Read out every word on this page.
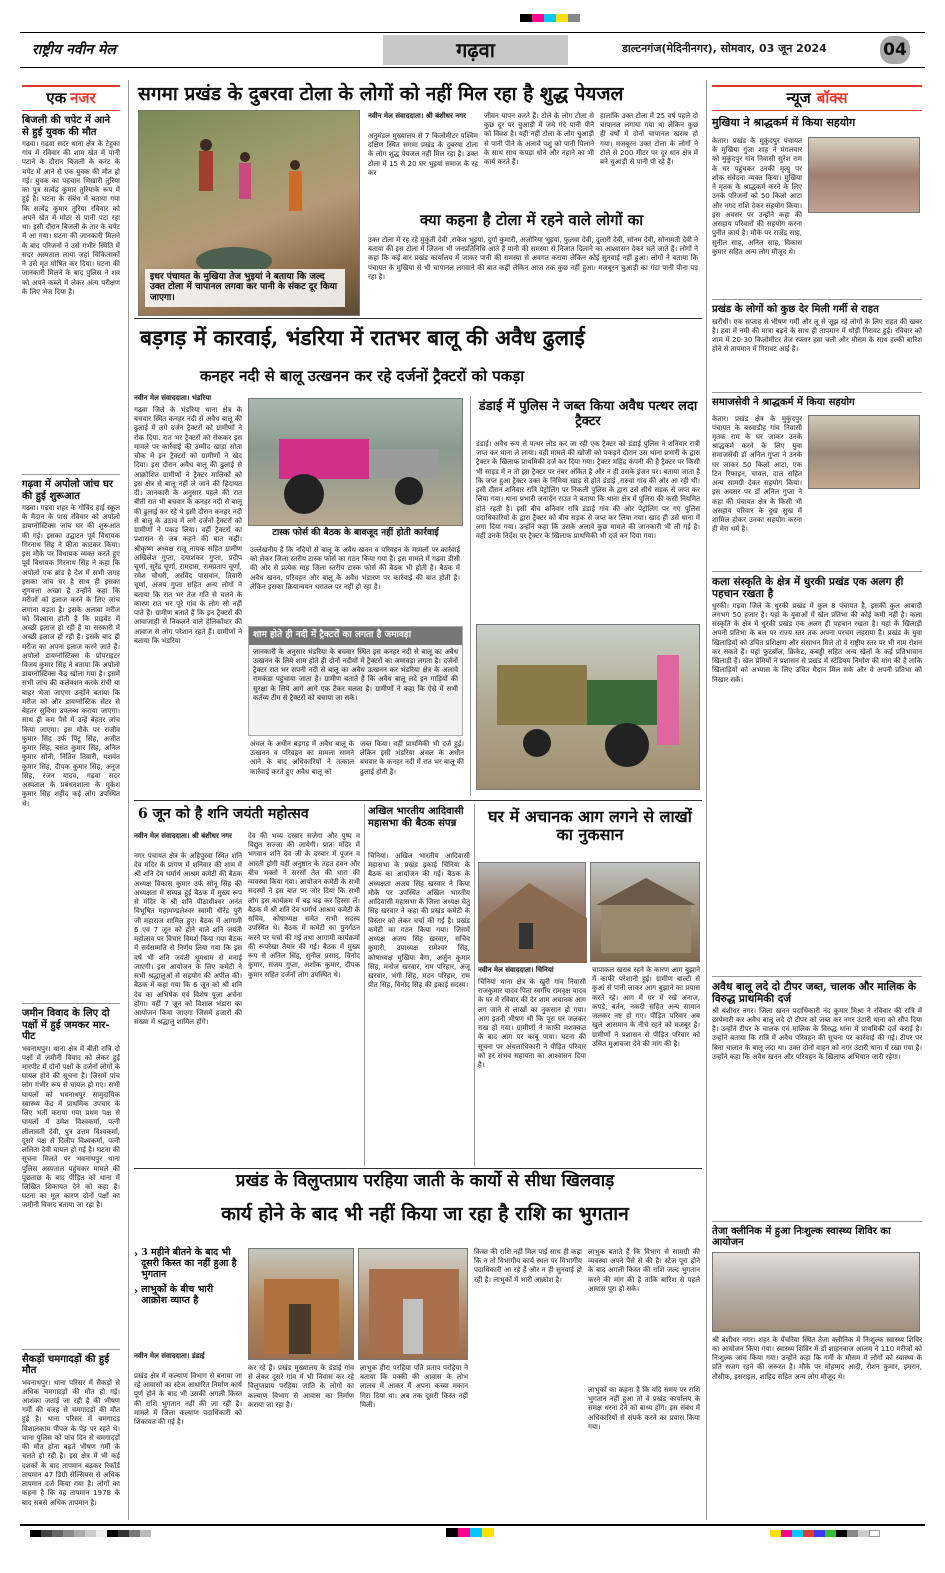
राष्ट्रीय नवीन मेल	गढ़वा	डाल्टनगंज(मेदिनीनगर), सोमवार, 03 जून 2024	04
एक नजर
बिजली की चपेट में आने से हुई युवक की मौत
गढ़वा। गढ़वा सदर थाना क्षेत्र के टेहुका गांव में रविवार की शाम खेत में पानी पटाने के दौरान बिजली के करंट के चपेट में आने से एक युवक की मौत हो गई। युवक का पहचान भिखारी तुरिया का पुत्र सत्येंद्र कुमार तुरियाके रूप में हुई है। घटना के संबंध में बताया गया कि सत्येंद्र कुमार तुरिया रविवार को अपने खेत में मोटर से पानी पटा रहा था। इसी दौरान बिजली के तार के चपेट में आ गया। घटना की जानकारी मिलने के बाद परिजनों ने उसे गंभीर स्थिति में सदर अस्पताल लाया जहां चिकित्सकों ने उसे मृत घोषित कर दिया। घटना की जानकारी मिलने के बाद पुलिस ने शव को अपने कब्जे में लेकर अंत्य परीक्षण के लिए भेज दिया है।
गढ़वा में अपोलो जांच घर की हुई शुरूआत
गढ़वा। गढ़वा शहर के गोविंद हाई स्कूल के मैदान के पास रविवार को अपोलो डायग्नोस्टिक्स जांच घर की शुरूआत की गई। इसका उद्घाटन पूर्व विधायक गिरनाथ सिंह ने फीता काटकर किया। इस मौके पर विधायक व्यक्त करते हुए पूर्व विधायक गिरनाथ सिंह ने कहा कि अपोलो एक ब्रांड है देश में सभी जगह इसका जांच घर है साथ ही इसका शुगवत्ता अच्छा है उन्होंने कहा कि मरीजों को इलाज करने के लिए जांच लगाना पड़ता है। इसके अलावा मरीज को विश्वास होती है कि प्राइवेट में अच्छी इलाज हो रही है या सरकारी में अच्छी इलाज हो रही है। इसके बाद ही मरीज का अपना इलाज करने जाते हैं। अपोलो डायग्नोस्टिक्स के प्रोपराइटर विजय कुमार सिंह ने बताया कि अपोलो डायग्नोस्टिक्स केंद्र खोला गया है। इसमें सभी जांच की कलेक्शन करके रांची या बाहर भेजा जाएगा उन्होंने बताया कि मरीज को और डायग्नोस्टिक सेंटर से बेहतर सुविधा उपलब्ध कराया जाएगा। साथ ही कम पैसे में उन्हें बेहतर जांच किया जाएगा। इस मौके पर राजीव कुमार सिंह उर्फ पिंटू सिंह, अजीत कुमार सिंह, बसंत कुमार सिंह, अनिल कुमार सोनी, नितिन तिवारी, यशवंत कुमार सिंह, दीपक कुमार सिंह, अनुज सिंह, रंजन यादव, गढ़वा सदर अस्पताल के प्रबंधनशाला के मुकेश कुमार सिंह शहीद कई लोग उपस्थित थे।
जमीन विवाद के लिए दो पक्षों में हुई जमकर मार-पीट
भवनाथपुर। थाना क्षेत्र में बीती रात्रि दो पक्षों में जमीनी विवाद को लेकर हुई मारपीट में दोनों पक्षों के दर्जनों लोगों के घायल होने की सूचना है। जिसमें पांच लोग गंभीर रूप से घायल हो गए। सभी घायलों को भवनाथपुर सामुदायिक स्वास्थ्य केंद्र में प्राथमिक उपचार के लिए भर्ती कराया गया प्रथम पक्ष से घायलों में उमेश विश्वकर्मा, पत्नी लीलावती देवी, पुत्र उत्तम विश्वकर्मा, दूसरे पक्ष से दिलीप विश्वकर्मा, पत्नी ललिता देवी घायल हो गई है। घटना की सूचना मिलते पर भवनाथपुर थाना पुलिस अस्पताल पहुंचकर मामले की पूछताछ के बाद पीड़ित को थाना में लिखित शिकायत देने को कहा है। घटना का मूल कारण दोनों पक्षों का जमीनी विवाद बताया जा रहा है।
सैकड़ों चमगादड़ों की हुई मौत
भवनाथपुर। थाना परिसर में सैकड़ों से अधिक चमगादड़ों की मौत हो गई। आशंका जताई जा रही है की भीषण गर्मी की वजह से चमगादड़ों की मौत हुई है। थाना परिसर में चमगादड़ विशालकाय पीपल के पेड़ पर रहते थे। थाना पुलिस को पांच दिन से चमगादड़ों की मौत होना बढ़ते भीषण गर्मी के चलते हो रही है। इस क्षेत्र में भी कई दशकों के बाद तापमान बढ़कर रिकॉर्ड तापमान 47 डिग्री सेल्सियस से अधिक तापमान दर्ज किया गया है। लोगों का कहना है कि वह तापमान 1978 के बाद सबसे अधिक तापमान है।
सगमा प्रखंड के दुबरवा टोला के लोगों को नहीं मिल रहा है शुद्ध पेयजल
इधर पंचायत के मुखिया तेज भुइयां ने बताया कि जल्द उक्त टोला में चापानल लगवा कर पानी के संकट दूर किया जाएगा।
नवीन मेल संवाददाता। श्री बंशीधर नगर
अनुमंडल मुख्यालय से 7 किलोमीटर पश्चिम दक्षिण स्थित सगमा प्रखंड के दुबरवा टोला के लोग शुद्ध पेयजल नहीं मिल रहा है। उक्त टोला में 15 से 20 घर भुइयां समाज के रह कर
जीवन यापन करते हैं। टोले के लोग टोला से कुछ दूर पर चुआड़ी में जमे गंदे पानी पीने को विवश है। यही नहीं टोला के लोग चुआड़ी से पानी पीने के अलावे पशु को पानी पिलाने के साथ साथ कपड़ा धोने और नहाने का भी कार्य करते हैं।
हालांकि उक्त टोला में 25 वर्ष पहले दो चापानल लगाया गया था लेकिन कुछ ही वर्षों में दोनों चापानल खराब हो गया। मजबूरन उक्त टोला के लोगों ने टोले से 200 मीटर पर दूर धान क्षेत्र में बने चुआड़ी से पानी पी रहे हैं।
क्या कहना है टोला में रहने वाले लोगों का
उक्त टोला में रह रहे मुकुंती देवी ,राकेश भुइयां, दुर्गा कुमारी, अजोरिया भुइयां, फुलवा देवी, दुलारी देवी, सोनम देवी, सोनामती देवी ने बताया की इस टोला में जितना भी जनप्रतिनिधि आते हैं पानी की समस्या से निजात दिलाने का आश्वासन देकर चले जाते हैं। लोगों ने कहा कि कई बार प्रखंड कार्यालय में जाकर पानी की समस्या से अवगत कराया लेकिन कोई सुनवाई नहीं हुआ। लोगों ने बताया कि पंचायत के मुखिया से भी चापानल लगवाने की बात कहीं लेकिन आज तक कुछ नहीं हुआ। मजबूरन चुआड़ी का गंदा पानी पीना पड़ रहा है।
बड़गड़ में कारवाई, भंडरिया में रातभर बालू की अवैध ढुलाई
कनहर नदी से बालू उत्खनन कर रहे दर्जनों ट्रैक्टरों को पकड़ा
नवीन मेल संवाददाता। भंडरिया
गढ़वा जिले के भंडरिया थाना क्षेत्र के बचवार स्थित कनहर नदी से अवैध बालू की ढुलाई में लगे दर्जन ट्रैक्टरों को ग्रामीणों ने रोक दिया. रात भर ट्रैक्टरों को रोककर इस मामले पर कार्रवाई की उम्मीद खाड़ा सोता चौक में इन ट्रैक्टरों को ग्रामीणों ने खेद दिया। इस दौरान अवैध बालू की ढुलाई से आक्रोशित ग्रामीणों ने ट्रैक्टर मालिकों को इस क्षेत्र से बालू नहीं ले जाने की हिदायत दी। जानकारी के अनुसार पहले की रात बीती रात भी बचवार के कनहर नदी से बालू की ढुलाई कर रहे थे इसी दौरान कनहर नदी से बालू के उठाव में लगे दर्जनों ट्रैक्टरों को ग्रामीणों ने पकड़ लिया। वहीं ट्रैक्टरों का प्रशासन से जब कहने की बात कहीं। श्रीकृष्ण अध्यक्ष राजू नायक सहित ग्रामीण अखिलेश गुप्ता, दयाशंकर गुप्ता, प्रदीप चूर्णा, सुरेंद्र चूर्णा, रामदास, रामप्रताप चूर्णा, रमेश चौधरी, अरविंद पासवान, तिवारी चूर्णा, अजय गुप्ता सहित अन्य लोगों ने बताया कि रात भर तेज गति से चलने के कारण रात भर पूरे गांव के लोग सो नहीं पाते हैं। ग्रामीण बताते हैं कि इन ट्रैक्टरों की आवाजाही से निकलने वाले हेलिकॉप्टर की आवाज से लोग परेशान रहते हैं। ग्रामीणों ने बताया कि भंडरिया
टास्क फोर्स की बैठक के बावजूद नहीं होती कार्रवाई
उल्लेखनीय है कि नदियों से बालू के अवैध खनन व परिवहन के मामलों पर कार्रवाई को लेकर जिला स्तरीय टास्क फोर्स का गठन किया गया है। इस मामले में गढ़वा डीसी की ओर से प्रत्येक माह जिला स्तरीय टास्क फोर्स की बैठक भी होती है। बैठक में अवैध खनन, परिवहन और बालू के अवैध भंडारण पर कार्रवाई की बात होती है। लेकिन इसका क्रियान्वयन धरातल पर नहीं हो रहा है।
शाम होते ही नदी में ट्रैक्टरों का लगता है जमावड़ा
जानकारी के अनुसार भंडरिया के बचवार स्थित इस कनहर नदी से बालू का अवैध उत्खनन के लिये शाम होते ही दोनों नदीयों में ट्रैक्टरों का जमावड़ा लगता है। दर्जनों ट्रैक्टर रात भर सपनी नदी से बालू का अवैध उत्खनन कर भंडरिया क्षेत्र के अलावे रामकंडा पहुंचाया जाता है। ग्रामीण बताते हैं कि अवैध बालू लदे इन गाड़ियों की सुरक्षा के लिये आगे आगे एक टैंकर चलता है। ग्रामीणों ने कहा कि ऐसे में सभी कर्तव्य टीम से ट्रैक्टरों को बचाया जा सके।
अंचल के अधीन बड़गड़ में अवैध बालू के उत्खनन व परिवहन का मामला सामने आने के बाद अधिकारियों ने तत्काल कार्रवाई करते हुए अवैध बालू को
जब्त किया। वहीं प्राथमिकी भी दर्ज हुई। लेकिन इसी भंडरिया अंचल के अधीन बचवार के कनहर नदी में रात भर बालू की ढुलाई होती है।
डंडाई में पुलिस ने जब्त किया अवैध पत्थर लदा ट्रैक्टर
डंडाई। अवैध रूप से पत्थर लोड कर जा रही एक ट्रैक्टर को डंडाई पुलिस ने शनिवार रात्री जप्त कर थाना ले लाया। वहीं मामले की खोजी को पकड़ने दौरान उस थाना प्रभारी के द्वारा ट्रैक्टर के खिलाफ प्राथमिकी दर्ज कर दिया गया। ट्रैक्टर महिंद्र कंपनी की है ट्रैक्टर पर किसी भी साइड में न तो इस ट्रैक्टर पर नंबर अंकित है और न ही उसके इंजन पर। बताया जाता है कि जप्त हुआ ट्रैक्टर उक्त के निमिया खाड़ से होते डंडाई ,रारुवा गांव की ओर आ रही थी। इसी दौरान शनिवार रात्रि पेट्रोलिंग पर निकली पुलिस के द्वारा उसे सीधे सड़क से जप्त कर लिया गया। थाना प्रभारी जनार्दन राउत ने बताया कि थाना क्षेत्र में पुलिस की कसी नियमित होते रहती है। इसी बीच शनिवार रात्रि डंडाई गांव की ओर पेट्रोलिंग पर गए पुलिस पदाधिकारियों के द्वारा ट्रैक्टर को बीच सड़क से जप्त कर लिया गया। खाद ही उसे थाना में लगा दिया गया। उन्होंने कहा कि उसके अलावे कुछ मामले की जानकारी भी ली गई है। वहीं उनके निर्देश पर ट्रैक्टर के खिलाफ प्राथमिकी भी दर्ज कर दिया गया।
6 जून को है शनि जयंती महोत्सव
नवीन मेल संवाददाता। श्री बंशीधर नगर
नगर पंचायत क्षेत्र के अहिपुरवा स्थित शनि देव मंदिर के प्रांगण में शनिवार की शाम में श्री शनि देव धर्मार्थ आश्रम कमेटी की बैठक अध्यक्ष विकास कुमार उर्फ सोनू सिंह की अध्यक्षता में सम्पन्न हुई बैठक में मुख्य रूप से मंदिर के श्री शनि पीठाधीश्वर अनंत विभूषित महामण्डलेश्वर स्वामी धीरेंद्र पुरी जी महाराज शामिल हुए। बैठक में आगामी 6 एवं 7 जून को होने वाले शनि जयंती महोत्सव पर विचार विमर्श किया गया बैठक में सर्वसम्मति से निर्णय लिया गया कि इस वर्ष भी शनि जयंती धूमधाम से मनाई जाएगी। इस आयोजन के लिए कमेटी ने सभी श्रद्धालुओं से सहयोग की अपील की। बैठक में कहा गया कि 6 जून को श्री शनि देव का अभिषेक एवं विशेष पूजा अर्चना होगा। वहीं 7 जून को विशाल भंडारा का आयोजन किया जाएगा जिसमें हजारों की संख्या में श्रद्धालु शामिल होंगे।
देव की भव्य दरबार सजेगा और पुष्प व विद्युत सज्जा की जायेगी। प्रातः मंदिर में भगवान शनि देव जी के दरबार में पूजन व आरती होगी वहीं अनुष्ठान के तहत हवन और बीच भक्तो ने सरसों तेल की धारा की व्यवस्था किया गया। आयोजन कमेटी के सभी सदस्यों ने इस बात पर जोर दिया कि सभी लोग इस कार्यक्रम में बढ़ चढ़ कर हिस्सा लें। बैठक में श्री शनि देव धर्मार्थ आश्रम कमेटी के सचिव, कोषाध्यक्ष समेत सभी सदस्य उपस्थित थे। बैठक में कमेटी का पुनर्गठन करने पर चर्चा की गई तथा आगामी कार्यक्रमों की रूपरेखा तैयार की गई। बैठक में मुख्य रूप से अनिल सिंह, सुनील प्रसाद, विनोद कुमार, संजय गुप्ता, अशोक कुमार, दीपक कुमार सहित दर्जनों लोग उपस्थित थे।
अखिल भारतीय आदिवासी महासभा की बैठक संपन्न
चिनियां। अखिल भारतीय आदिवासी महासभा के प्रखंड इकाई चिनिया के बैठक का आयोजन की गई। बैठक के अध्यक्षता अजय सिंह खरवार ने किया मौके पर उपस्थित अखिल भारतीय आदिवासी महासभा के जिला अध्यक्ष चेतु सिंह खरवार ने कहा की प्रखंड कमेटी के विस्तार को लेकर चर्चा की गई है। प्रखंड कमेटी का गठन किया गया। जिसमें अध्यक्ष अजय सिंह खरवार, सचिव कुमारी, उपाध्यक्ष रामेश्वर सिंह, कोषाध्यक्ष मुखिया बैगा, अर्जुन कुमार सिंह, मनोज खरवार, राम परिहार, अंजू खरवार, भंगी सिंह, मदन परिहार, राम प्रीत सिंह, विनोद सिंह की इकाई सदस्य।
घर में अचानक आग लगने से लाखों का नुकसान
नवीन मेल संवाददाता। चिनियां
चिनियां थाना क्षेत्र के खुरी गांव निवासी राजकुमार यादव पिता स्वर्गीय रामवृक्ष यादव के घर में रविवार की देर शाम अचानक आग लग जाने से लाखों का नुकसान हो गया। आग इतनी भीषण थी कि पूरा घर जलकर राख हो गया। ग्रामीणों ने काफी मशक्कत के बाद आग पर काबू पाया। घटना की सूचना पर अंचलाधिकारी ने पीड़ित परिवार को हर संभव सहायता का आश्वासन दिया है।
चापाकल खराब रहने के कारण आग बुझाने में काफी परेशानी हुई। ग्रामीण बाल्टी से कुआं से पानी लाकर आग बुझाने का प्रयास करते रहे। आग में घर में रखे अनाज, कपड़े, बर्तन, नकदी सहित अन्य सामान जलकर नष्ट हो गए। पीड़ित परिवार अब खुले आसमान के नीचे रहने को मजबूर है। ग्रामीणों ने प्रशासन से पीड़ित परिवार को उचित मुआवजा देने की मांग की है।
प्रखंड के विलुप्तप्राय परहिया जाती के कार्यो से सीधा खिलवाड़
कार्य होने के बाद भी नहीं किया जा रहा है राशि का भुगतान
› 3 महीने बीतने के बाद भी दूसरी किस्त का नहीं हुआ है भुगतान
› लाभुकों के बीच भारी आक्रोश व्याप्त है
नवीन मेल संवाददाता। डंडाई
प्रखंड क्षेत्र में कल्याण विभाग से बनाया जा रहे आवासों का स्टेज आधारित निर्माण कार्य पूर्ण होने के बाद भी उसकी अगली किस्त की राशि भुगतान नहीं की जा रही है। मामले में जिला कल्याण पदाधिकारी को शिकायत की गई है।
कर रहे हैं। प्रखंड मुख्यालय के डंडाई गांव से लेकर दूसरे गांव में भी निवास कर रहे विलुप्तप्राय परहिया जाति के लोगों का कल्याण विभाग से आवास का निर्माण कराया जा रहा है।
लाभुक हीरा परहिया पति प्रताप परहिया ने बताया कि पक्की की आवास के लोभ लालच में आकर मैं अपना कच्चा मकान गिरा दिया था। अब तक दूसरी किस्त नहीं मिली।
किस्त की राशि नहीं मिल पाई साथ ही कहा कि न तो विभागीय कार्य स्थल पर विभागीय पदाधिकारी आ रहे हैं और न ही सुनवाई हो रही है। लाभुकों में भारी आक्रोश है।
लाभुक बताते हैं कि विभाग से सामग्री की व्यवस्था अपने पैसे से की है। स्टेज पूरा होने के बाद अगली किस्त की राशि जल्द भुगतान करने की मांग की है ताकि बारिश से पहले आवास पूरा हो सके।
लाभुकों का कहना है कि यदि समय पर राशि भुगतान नहीं हुआ तो वे प्रखंड कार्यालय के समक्ष धरना देने को बाध्य होंगे। इस संबंध में अधिकारियों से संपर्क करने का प्रयास किया गया।
न्यूज बॉक्स
मुखिया ने श्राद्धकर्म में किया सहयोग
केतार। प्रखंड के मुकुंदपुर पंचायत के मुखिया गुंजा शाह ने मंगलवार को मुकुंदपुर गांव निवासी सुरेश राम के घर पहुंचकर उनकी मृत्यु पर शोक संवेदना व्यक्त किया। मुखिया ने मृतक के श्राद्धकर्म करने के लिए उनके परिजनों को 50 किलो आटा और नगद राशि देकर सहयोग किया। इस अवसर पर उन्होंने कहा की असहाय परिवारों की सहयोग करना पुनीत कार्य है। मौके पर राजेंद्र साह, सुनील साह, अनिल साह, विकास कुमार सहित अन्य लोग मौजूद थे।
प्रखंड के लोगों को कुछ देर मिली गर्मी से राहत
खरौंधी। एक सप्ताह से भीषण गर्मी और लू से जूझ रहे लोगों के लिए राहत की खबर है। हवा में नमी की मात्रा बढ़ने के साथ ही तापमान में थोड़ी गिरावट हुई। रविवार को शाम में 20-30 किलोमीटर तेज रफ्तार हवा चली और मौसम के साथ हल्की बारिश होने से तापमान में गिरावट आई है।
समाजसेवी ने श्राद्धकर्म में किया सहयोग
केतार। प्रखंड क्षेत्र के मुकुंदपुर पंचायत के बरवाडीह गांव निवासी मृतक राम के घर जाकर उनके श्राद्धकर्म करने के लिए युवा समाजसेवी डॉ अनिल गुप्ता ने उनके घर जाकर 50 किलो आटा, एक टिन रिफाइन, चावल, दाल सहित अन्य सामग्री देकर सहयोग किया। इस अवसर पर डॉ अनिल गुप्ता ने कहा की पंचायत क्षेत्र के किसी भी असहाय परिवार के दुख सुख में शामिल होकर उनका सहयोग करना ही मेरा धर्म है।
कला संस्कृति के क्षेत्र में धुरकी प्रखंड एक अलग ही पहचान रखता है
धुरकी। गढ़वा जिले के धुरकी प्रखंड में कुल 8 पंचायत है, इसकी कुल आबादी लगभग 50 हजार है। यहां के युवाओं में खेल प्रतिभा की कोई कमी नहीं है। कला संस्कृति के क्षेत्र में धुरकी प्रखंड एक अलग ही पहचान रखता है। यहां के खिलाड़ी अपनी प्रतिभा के बल पर राज्य स्तर तक अपना परचम लहराया है। प्रखंड के युवा खिलाड़ियों को उचित प्रशिक्षण और संसाधन मिले तो वे राष्ट्रीय स्तर पर भी नाम रोशन कर सकते हैं। यहां फुटबॉल, क्रिकेट, कबड्डी सहित अन्य खेलों के कई प्रतिभावान खिलाड़ी हैं। खेल प्रेमियों ने प्रशासन से प्रखंड में स्टेडियम निर्माण की मांग की है ताकि खिलाड़ियों को अभ्यास के लिए उचित मैदान मिल सके और वे अपनी प्रतिभा को निखार सकें।
अवैध बालू लदे दो टीपर जब्त, चालक और मालिक के विरुद्ध प्राथमिकी दर्ज
श्री बंशीधर नगर। जिला खनन पदाधिकारी नंद कुमार मिश्रा ने रविवार की रात्रि में छापेमारी कर अवैध बालू लदे दो टीपर को जब्त कर नगर उंटारी थाना को सौंप दिया है। उन्होंने टीपर के चालक एवं मालिक के विरुद्ध थाना में प्राथमिकी दर्ज कराई है। उन्होंने बताया कि रात्रि में अवैध परिवहन की सूचना पर कार्रवाई की गई। टीपर पर बिना चालान के बालू लदा था। उक्त दोनों वाहन को नगर उंटारी थाना में रखा गया है। उन्होंने कहा कि अवैध खनन और परिवहन के खिलाफ अभियान जारी रहेगा।
तेजा क्लीनिक में हुआ निःशुल्क स्वास्थ्य शिविर का आयोजन
श्री बंशीधर नगर। शहर के पेंचरिया स्थित तेजा क्लीनिक में निःशुल्क स्वास्थ्य शिविर का आयोजन किया गया। स्वास्थ्य शिविर में डॉ शाहनवाज आलम ने 110 मरीजों को निःशुल्क जांच किया गया। उन्होंने कहा कि गर्मी के मौसम में लोगों को स्वास्थ्य के प्रति सजग रहने की जरूरत है। मौके पर मोहम्मद आदी, रोशन कुमार, इमरान, तौसीफ, इसराइल, शाहिद सहित अन्य लोग मौजूद थे।
